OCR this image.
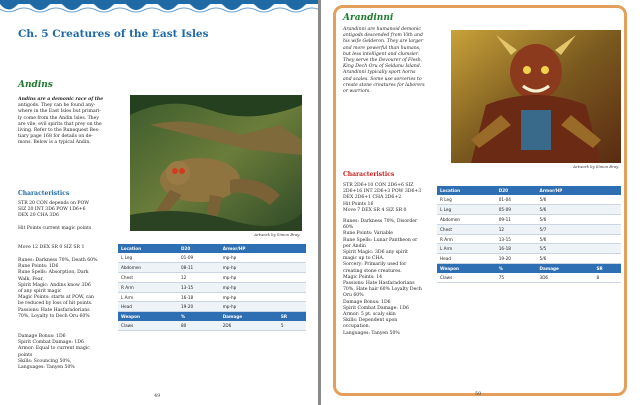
Ch. 5 Creatures of the East Isles
Andins
Andins are a demonic race of the
antigods. They can be found any-
where in the East Isles but primari-
ly come from the Andin Isles. They
are vile, evil spirits that prey on the
living. Refer to the Runequest Bes-
tiary page 168 for details on de-
mons. Below is a typical Andin.
Artwork by Simon Bray.
Characteristics
STR 20 CON depends on POW
SIZ 20 INT 3D6 POW 1D6+6
DEX 20 CHA 3D6
Hit Points current magic points
Move 12 DEX SR 0 SIZ SR 1
Runes: Darkness 70%, Death 60%
Rune Points: 1D6
Rune Spells: Absorption, Dark
Walk, Fear,
Spirit Magic: Andins know 3D6
of any spirit magic
Magic Points: starts at POW, can
be reduced by loss of hit points.
Passions: Hate Hasfaradorians
70%, Loyalty to Dech Oru 60%
Damage Bonus: 1D6
Spirit Combat Damage: 1D6
Armor: Equal to current magic
points
Skills: Scouncing 50%,
Languages: Tanyen 50%
Location	D20	Armor/HP	
L Leg	01-09	mp-hp	
Abdomen	08-11	mp-hp	
Chest	12	mp-hp	
R Arm	13-15	mp-hp	
L Arm	16-18	mp-hp	
Head	19-20	mp-hp	
Weapon	%	Damage	SR
Claws	80	2D6	5
49
Arandinni
Arandinni are humanoid demonic
antigods descended from Vith and
his wife Gelderon. They are larger
and more powerful than humans,
but less intelligent and clumsier.
They serve the Devourer of Flesh,
King Dech Oru of Seldanu Island.
Arandinni typically sport horns
and scales. Some use sorceries to
create stone creatures for laborers
or warriors.
Artwork by Simon Bray.
Characteristics
STR 2D6+10 CON 2D6+6 SIZ
2D6+16 INT 2D6+3 POW 3D6+3
DEX 2D6+1 CHA 2D6+2
Hit Points 16
Move 7 DEX SR 4 SIZ SR 0
Runes: Darkness 70%, Disorder
60%
Rune Points: Variable
Rune Spells: Lunar Pantheon or
per Andin
Spirit Magic: 3D6 any spirit
magic up to CHA.
Sorcery: Primarily used for
creating stone creatures.
Magic Points: 14
Passions: Hate Hasfaradorians
70%, Hate hair 60% Loyalty Dech
Oru 60%
Damage Bonus: 1D6
Spirit Combat Damage: 1D6
Armor: 5 pt. scaly skin
Skills: Dependent upon
occupation.
Languages: Tanyen 50%
Location	D20	Armor/HP	
R Leg	01-04	5/6	
L Leg	05-09	5/6	
Abdomen	09-11	5/6	
Chest	12	5/7	
R Arm	13-15	5/6	
L Arm	16-18	5/5	
Head	19-20	5/6	
Weapon	%	Damage	SR
Claws	75	3D6	8
50
